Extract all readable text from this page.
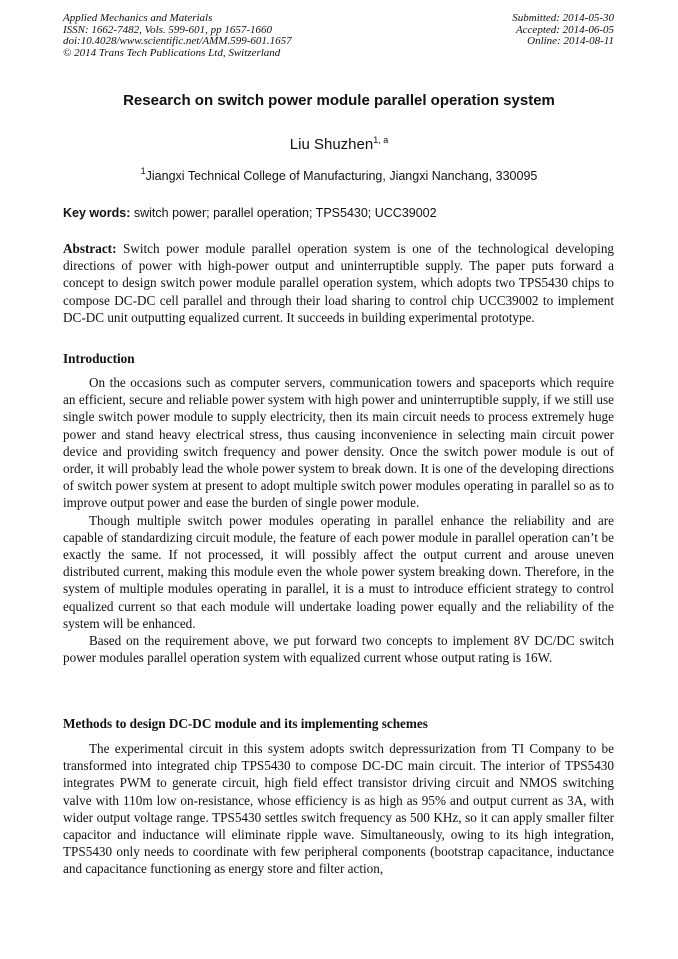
Applied Mechanics and Materials
ISSN: 1662-7482, Vols. 599-601, pp 1657-1660
doi:10.4028/www.scientific.net/AMM.599-601.1657
© 2014 Trans Tech Publications Ltd, Switzerland
Submitted: 2014-05-30
Accepted: 2014-06-05
Online: 2014-08-11
Research on switch power module parallel operation system
Liu Shuzhen$^{1, a}$
$^1$Jiangxi Technical College of Manufacturing, Jiangxi Nanchang, 330095
Key words: switch power; parallel operation; TPS5430; UCC39002
Abstract: Switch power module parallel operation system is one of the technological developing directions of power with high-power output and uninterruptible supply. The paper puts forward a concept to design switch power module parallel operation system, which adopts two TPS5430 chips to compose DC-DC cell parallel and through their load sharing to control chip UCC39002 to implement DC-DC unit outputting equalized current. It succeeds in building experimental prototype.
Introduction

On the occasions such as computer servers, communication towers and spaceports which require an efficient, secure and reliable power system with high power and uninterruptible supply, if we still use single switch power module to supply electricity, then its main circuit needs to process extremely huge power and stand heavy electrical stress, thus causing inconvenience in selecting main circuit power device and providing switch frequency and power density. Once the switch power module is out of order, it will probably lead the whole power system to break down. It is one of the developing directions of switch power system at present to adopt multiple switch power modules operating in parallel so as to improve output power and ease the burden of single power module.

Though multiple switch power modules operating in parallel enhance the reliability and are capable of standardizing circuit module, the feature of each power module in parallel operation can’t be exactly the same. If not processed, it will possibly affect the output current and arouse uneven distributed current, making this module even the whole power system breaking down. Therefore, in the system of multiple modules operating in parallel, it is a must to introduce efficient strategy to control equalized current so that each module will undertake loading power equally and the reliability of the system will be enhanced.

Based on the requirement above, we put forward two concepts to implement 8V DC/DC switch power modules parallel operation system with equalized current whose output rating is 16W.

Methods to design DC-DC module and its implementing schemes

The experimental circuit in this system adopts switch depressurization from TI Company to be transformed into integrated chip TPS5430 to compose DC-DC main circuit. The interior of TPS5430 integrates PWM to generate circuit, high field effect transistor driving circuit and NMOS switching valve with 110m low on-resistance, whose efficiency is as high as 95% and output current as 3A, with wider output voltage range. TPS5430 settles switch frequency as 500 KHz, so it can apply smaller filter capacitor and inductance will eliminate ripple wave. Simultaneously, owing to its high integration, TPS5430 only needs to coordinate with few peripheral components (bootstrap capacitance, inductance and capacitance functioning as energy store and filter action,
